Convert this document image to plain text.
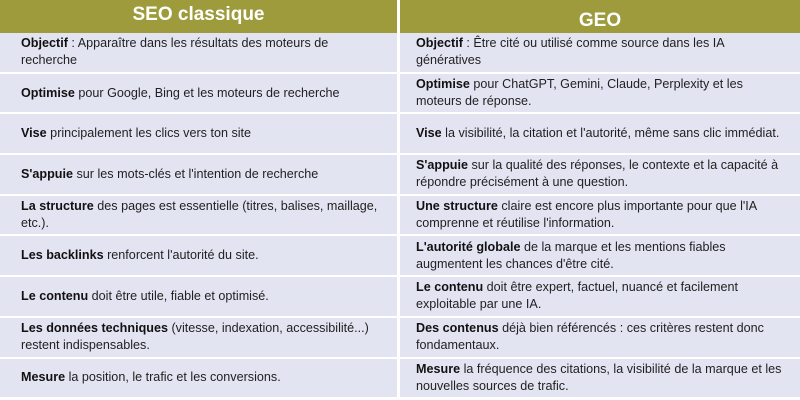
SEO classique	GEO
Objectif : Apparaître dans les résultats des moteurs de recherche
Objectif : Être cité ou utilisé comme source dans les IA génératives
Optimise pour Google, Bing et les moteurs de recherche
Optimise pour ChatGPT, Gemini, Claude, Perplexity et les moteurs de réponse.
Vise principalement les clics vers ton site	Vise la visibilité, la citation et l'autorité, même sans clic immédiat.
S'appuie sur les mots-clés et l'intention de recherche
S'appuie sur la qualité des réponses, le contexte et la capacité à répondre précisément à une question.
La structure des pages est essentielle (titres, balises, maillage, etc.).
Une structure claire est encore plus importante pour que l'IA comprenne et réutilise l'information.
Les backlinks renforcent l'autorité du site.
L'autorité globale de la marque et les mentions fiables augmentent les chances d'être cité.
Le contenu doit être utile, fiable et optimisé.
Le contenu doit être expert, factuel, nuancé et facilement exploitable par une IA.
Les données techniques (vitesse, indexation, accessibilité...) restent indispensables.
Des contenus déjà bien référencés : ces critères restent donc fondamentaux.
Mesure la position, le trafic et les conversions.
Mesure la fréquence des citations, la visibilité de la marque et les nouvelles sources de trafic.
